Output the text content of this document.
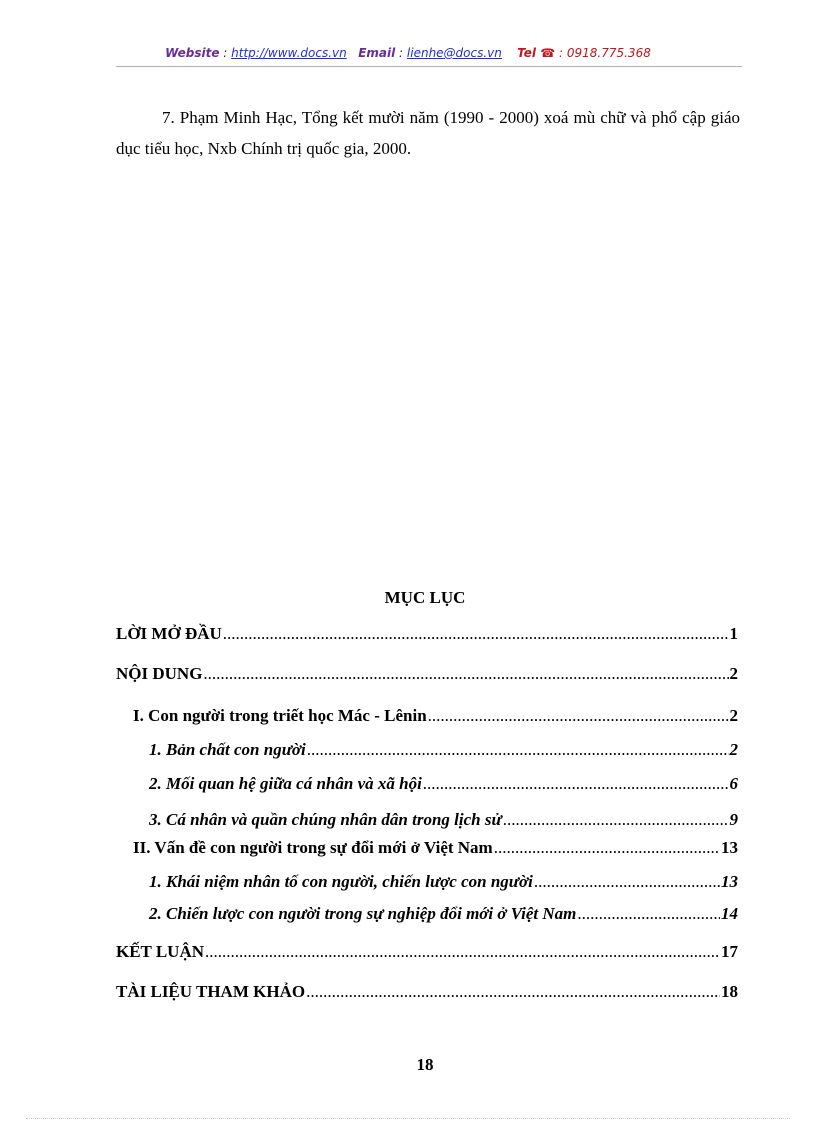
Website : http://www.docs.vn Email : lienhe@docs.vn Tel ☎ : 0918.775.368

7. Phạm Minh Hạc, Tổng kết mười năm (1990 - 2000) xoá mù chữ và phổ cập giáo dục tiểu học, Nxb Chính trị quốc gia, 2000.

MỤC LỤC
LỜI MỞ ĐẦU .....	1
NỘI DUNG .....	2
I. Con người trong triết học Mác - Lênin .....	2
1. Bản chất con người .....	2
2. Mối quan hệ giữa cá nhân và xã hội .....	6
3. Cá nhân và quần chúng nhân dân trong lịch sử .....	9
II. Vấn đề con người trong sự đổi mới ở Việt Nam .....	13
1. Khái niệm nhân tố con người, chiến lược con người .....	13
2. Chiến lược con người trong sự nghiệp đổi mới ở Việt Nam .....	14
KẾT LUẬN .....	17
TÀI LIỆU THAM KHẢO .....	18
18
